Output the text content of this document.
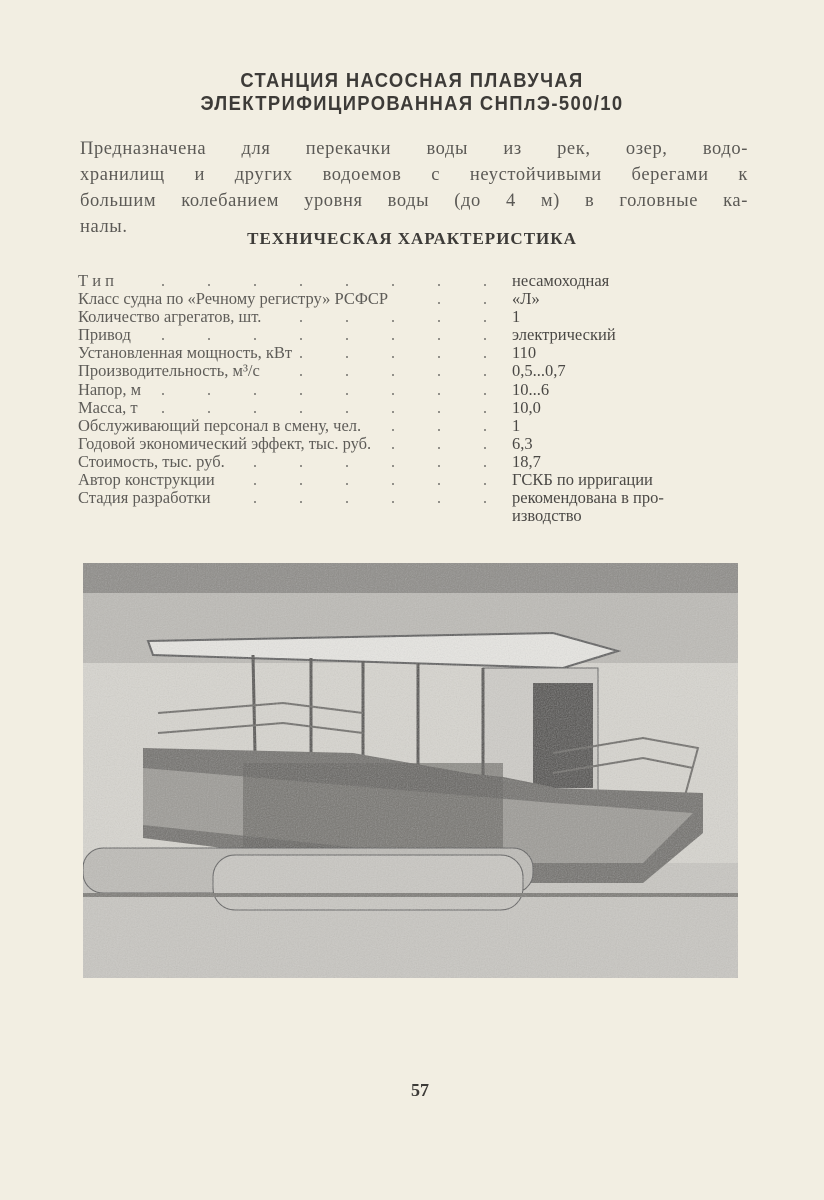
СТАНЦИЯ НАСОСНАЯ ПЛАВУЧАЯ
ЭЛЕКТРИФИЦИРОВАННАЯ СНПлЭ-500/10
Предназначена для перекачки воды из рек, озер, водо-
хранилищ и других водоемов с неустойчивыми берегами к
большим колебанием уровня воды (до 4 м) в головные ка-
налы.
ТЕХНИЧЕСКАЯ ХАРАКТЕРИСТИКА
Т и п	несамоходная
Класс судна по «Речному регистру» РСФСР	«Л»
Количество агрегатов, шт.	1
Привод	электрический
Установленная мощность, кВт	110
Производительность, м³/с	0,5...0,7
Напор, м	10...6
Масса, т	10,0
Обслуживающий персонал в смену, чел.	1
Годовой экономический эффект, тыс. руб.	6,3
Стоимость, тыс. руб.	18,7
Автор конструкции	ГСКБ по ирригации
Стадия разработки	рекомендована в про-
изводство
57
